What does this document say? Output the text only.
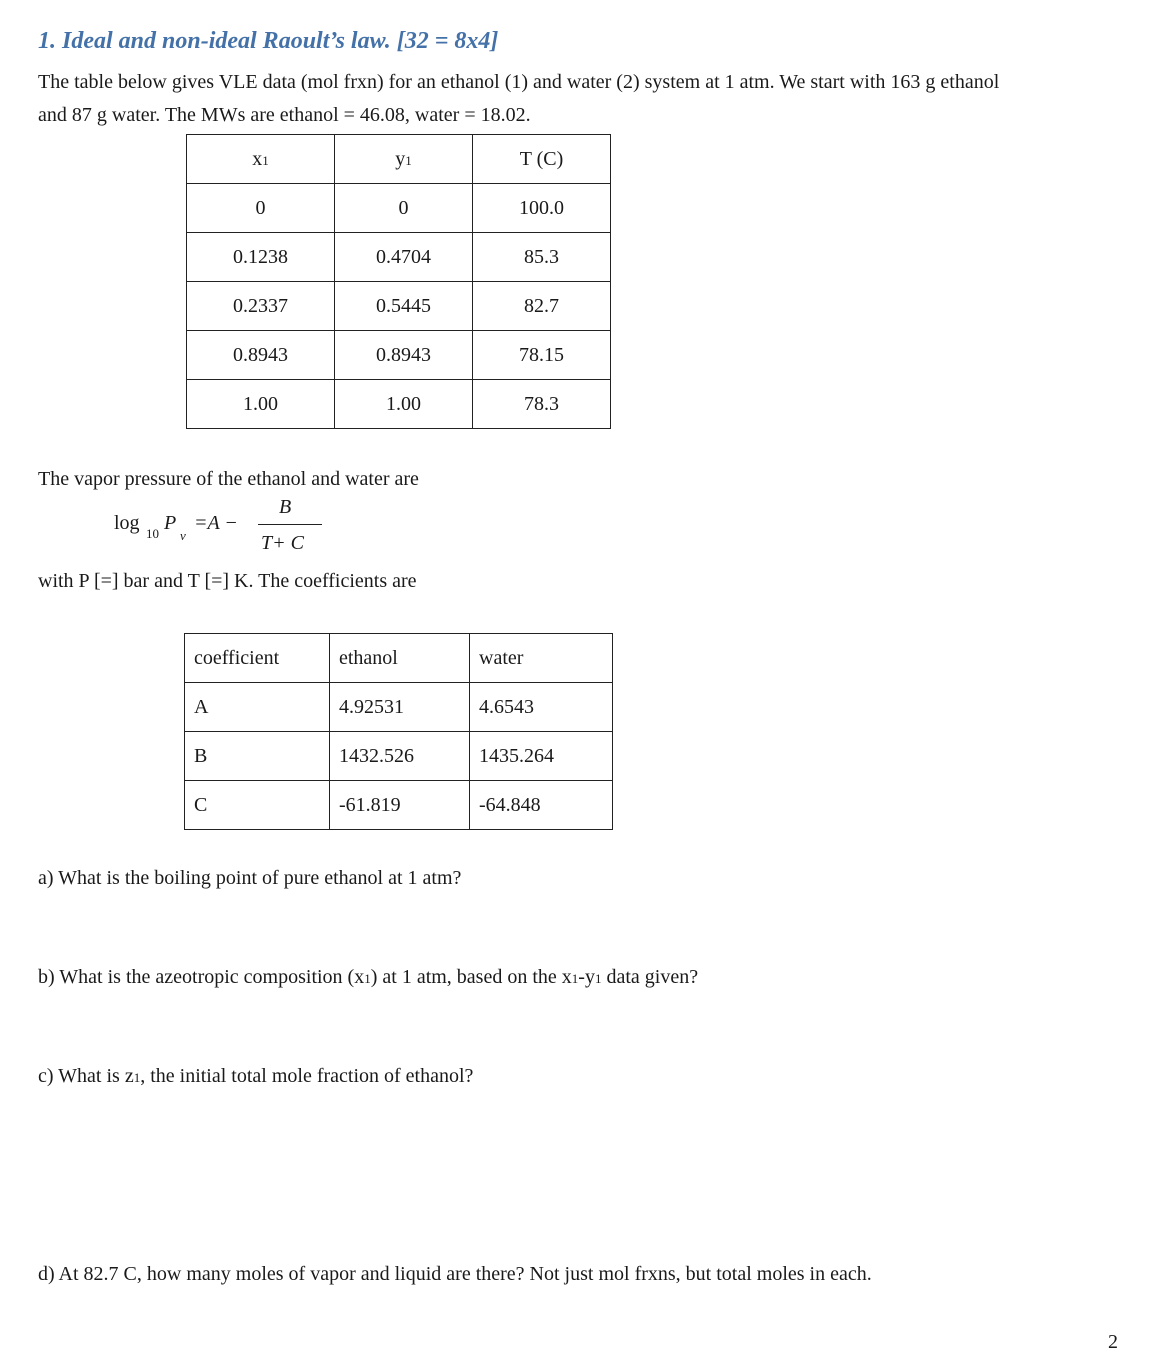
1. Ideal and non-ideal Raoult’s law. [32 = 8x4]
The table below gives VLE data (mol frxn) for an ethanol (1) and water (2) system at 1 atm. We start with 163 g ethanol
and 87 g water. The MWs are ethanol = 46.08, water = 18.02.
x1	y1	T (C)
0	0	100.0
0.1238	0.4704	85.3
0.2337	0.5445	82.7
0.8943	0.8943	78.15
1.00	1.00	78.3
The vapor pressure of the ethanol and water are
log 10 P
v
=A −
B
T+ C
with P [=] bar and T [=] K. The coefficients are
coefficient	ethanol	water
A	4.92531	4.6543
B	1432.526	1435.264
C	-61.819	-64.848
a) What is the boiling point of pure ethanol at 1 atm?
b) What is the azeotropic composition (x1) at 1 atm, based on the x1-y1 data given?
c) What is z1, the initial total mole fraction of ethanol?
d) At 82.7 C, how many moles of vapor and liquid are there? Not just mol frxns, but total moles in each.
2
